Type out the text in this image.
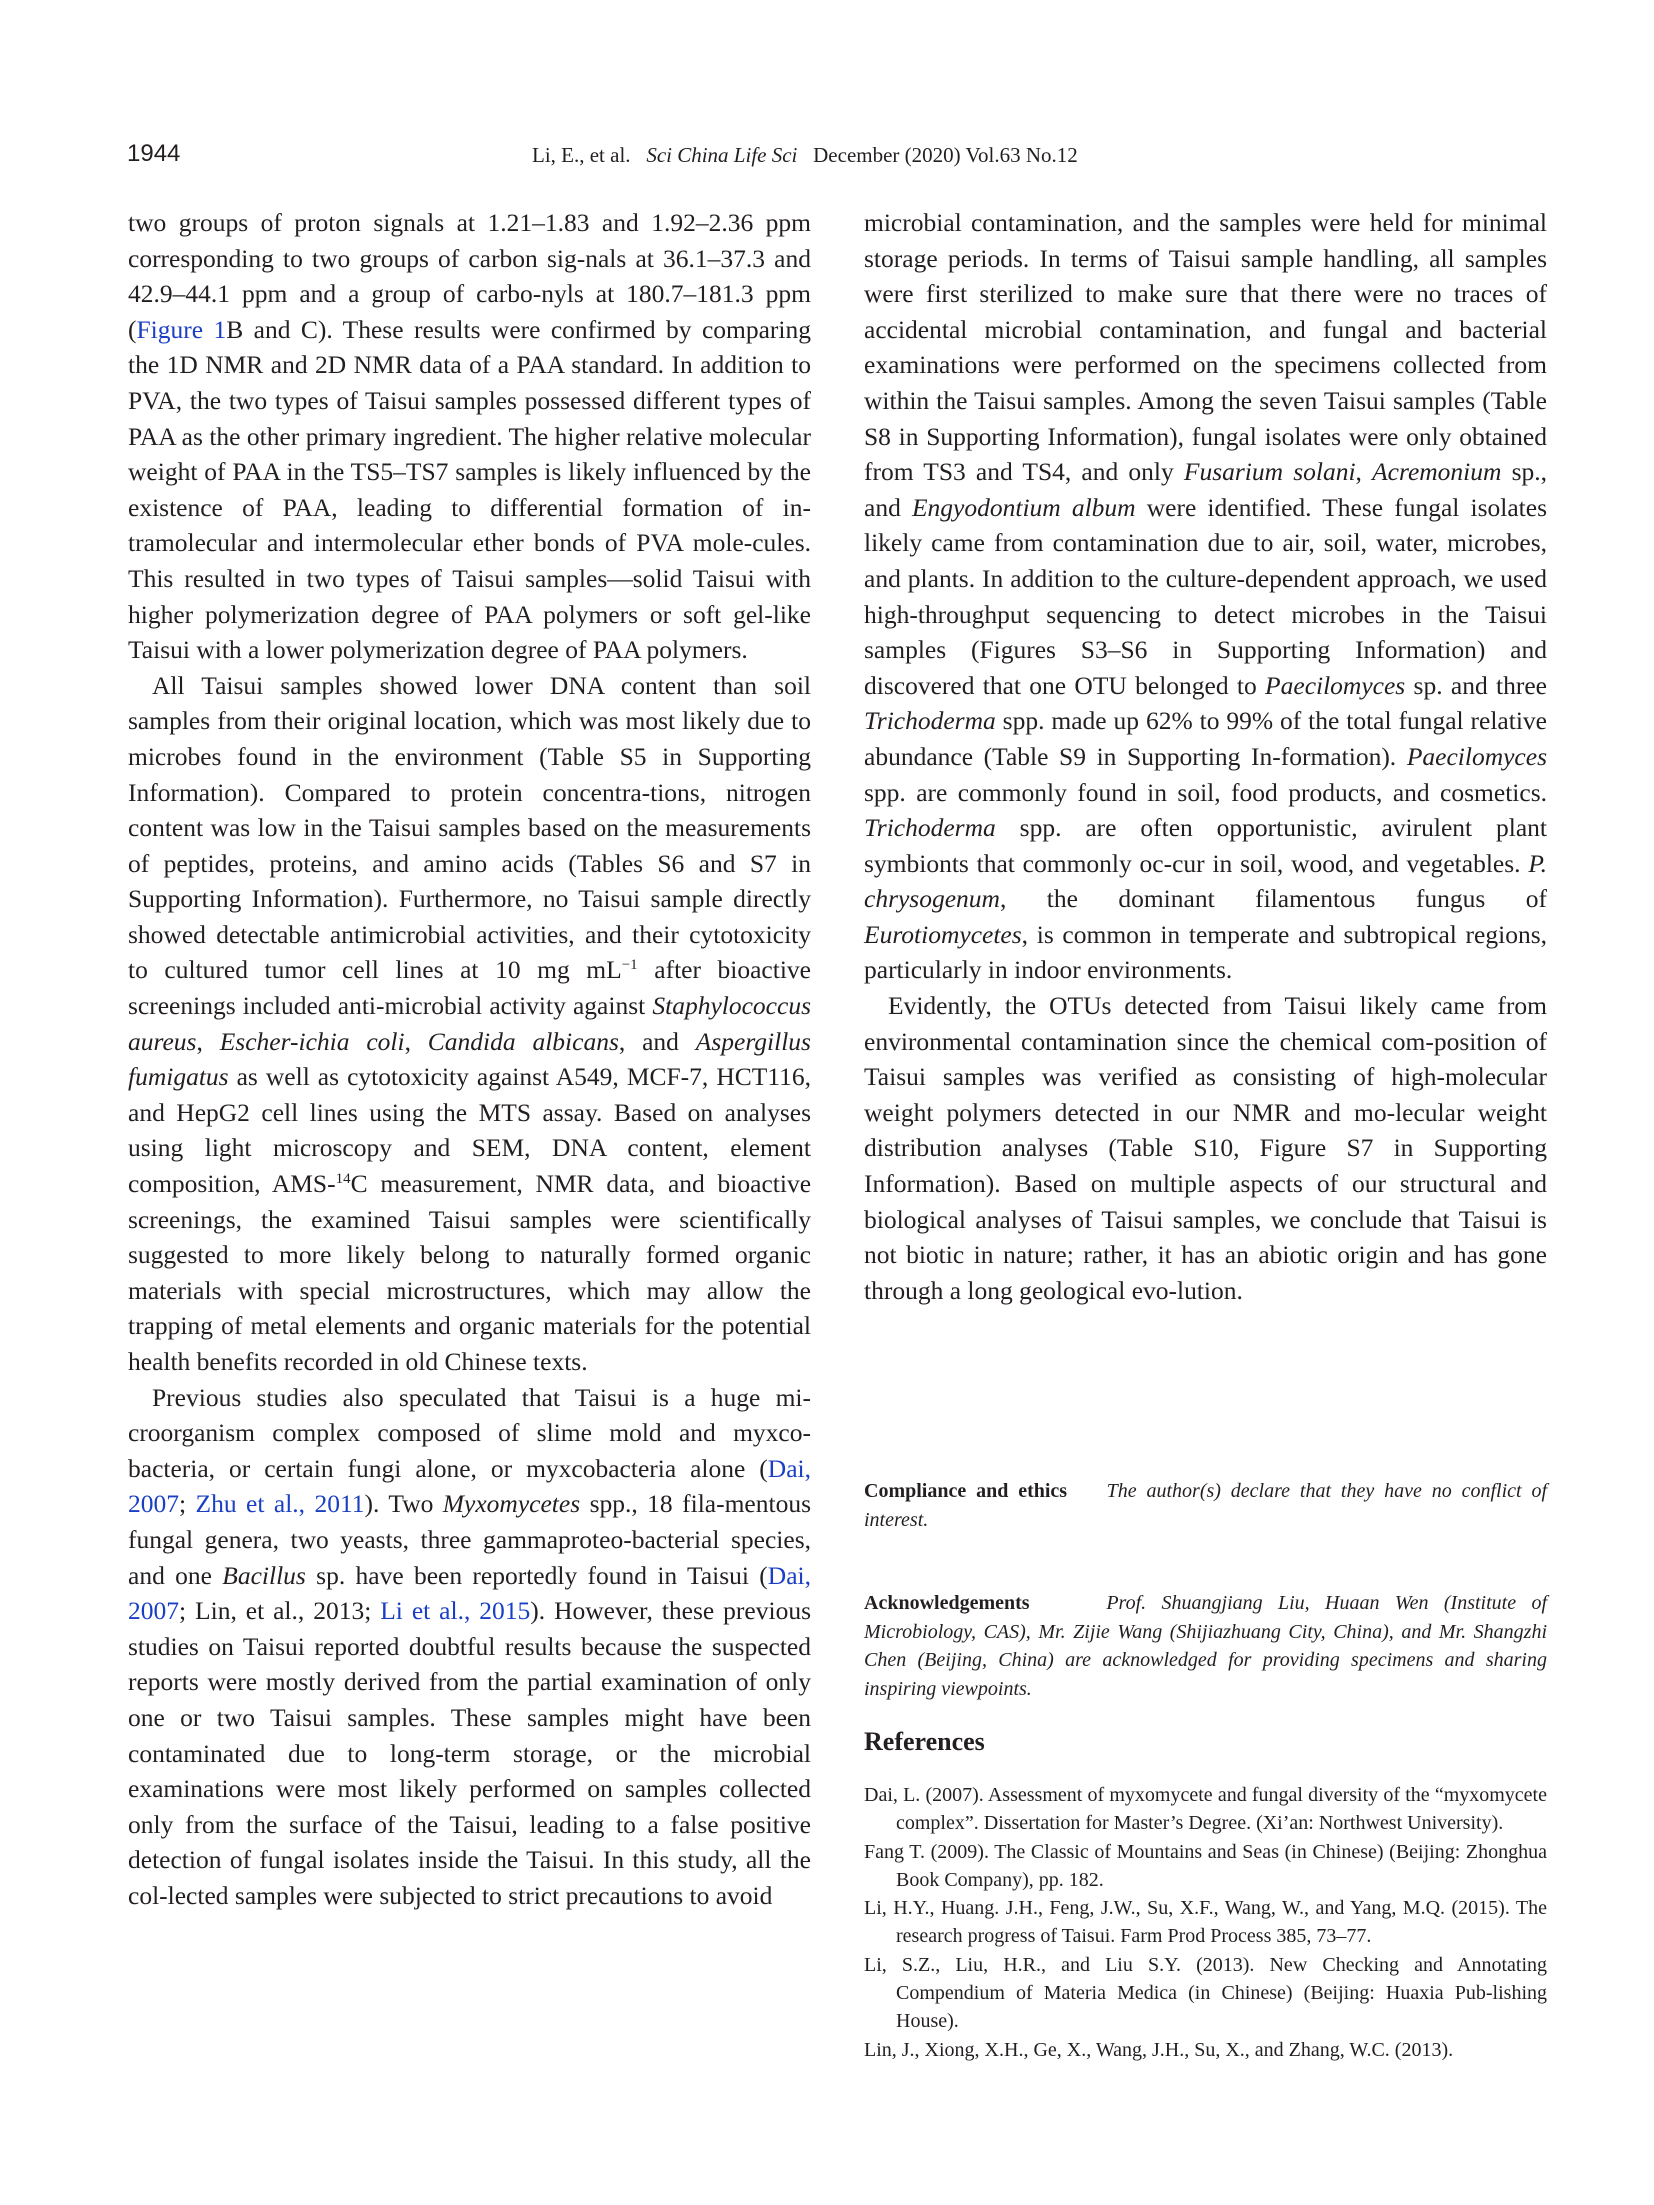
1944	Li, E., et al. Sci China Life Sci December (2020) Vol.63 No.12

two groups of proton signals at 1.21–1.83 and 1.92–2.36 ppm corresponding to two groups of carbon sig-nals at 36.1–37.3 and 42.9–44.1 ppm and a group of carbo-nyls at 180.7–181.3 ppm (Figure 1B and C). These results were confirmed by comparing the 1D NMR and 2D NMR data of a PAA standard. In addition to PVA, the two types of Taisui samples possessed different types of PAA as the other primary ingredient. The higher relative molecular weight of PAA in the TS5–TS7 samples is likely influenced by the existence of PAA, leading to differential formation of in-tramolecular and intermolecular ether bonds of PVA mole-cules. This resulted in two types of Taisui samples—solid Taisui with higher polymerization degree of PAA polymers or soft gel-like Taisui with a lower polymerization degree of PAA polymers.

All Taisui samples showed lower DNA content than soil samples from their original location, which was most likely due to microbes found in the environment (Table S5 in Supporting Information). Compared to protein concentra-tions, nitrogen content was low in the Taisui samples based on the measurements of peptides, proteins, and amino acids (Tables S6 and S7 in Supporting Information). Furthermore, no Taisui sample directly showed detectable antimicrobial activities, and their cytotoxicity to cultured tumor cell lines at 10 mg $mL^{-1}$ after bioactive screenings included anti-microbial activity against Staphylococcus aureus, Escher-ichia coli, Candida albicans, and Aspergillus fumigatus as well as cytotoxicity against A549, MCF-7, HCT116, and HepG2 cell lines using the MTS assay. Based on analyses using light microscopy and SEM, DNA content, element composition, AMS-$^{14}$C measurement, NMR data, and bioactive screenings, the examined Taisui samples were scientifically suggested to more likely belong to naturally formed organic materials with special microstructures, which may allow the trapping of metal elements and organic materials for the potential health benefits recorded in old Chinese texts.

Previous studies also speculated that Taisui is a huge mi-croorganism complex composed of slime mold and myxco-bacteria, or certain fungi alone, or myxcobacteria alone (Dai, 2007; Zhu et al., 2011). Two Myxomycetes spp., 18 fila-mentous fungal genera, two yeasts, three gammaproteo-bacterial species, and one Bacillus sp. have been reportedly found in Taisui (Dai, 2007; Lin, et al., 2013; Li et al., 2015). However, these previous studies on Taisui reported doubtful results because the suspected reports were mostly derived from the partial examination of only one or two Taisui samples. These samples might have been contaminated due to long-term storage, or the microbial examinations were most likely performed on samples collected only from the surface of the Taisui, leading to a false positive detection of fungal isolates inside the Taisui. In this study, all the col-lected samples were subjected to strict precautions to avoid

microbial contamination, and the samples were held for minimal storage periods. In terms of Taisui sample handling, all samples were first sterilized to make sure that there were no traces of accidental microbial contamination, and fungal and bacterial examinations were performed on the specimens collected from within the Taisui samples. Among the seven Taisui samples (Table S8 in Supporting Information), fungal isolates were only obtained from TS3 and TS4, and only Fusarium solani, Acremonium sp., and Engyodontium album were identified. These fungal isolates likely came from contamination due to air, soil, water, microbes, and plants. In addition to the culture-dependent approach, we used high-throughput sequencing to detect microbes in the Taisui samples (Figures S3–S6 in Supporting Information) and discovered that one OTU belonged to Paecilomyces sp. and three Trichoderma spp. made up 62% to 99% of the total fungal relative abundance (Table S9 in Supporting In-formation). Paecilomyces spp. are commonly found in soil, food products, and cosmetics. Trichoderma spp. are often opportunistic, avirulent plant symbionts that commonly oc-cur in soil, wood, and vegetables. P. chrysogenum, the dominant filamentous fungus of Eurotiomycetes, is common in temperate and subtropical regions, particularly in indoor environments.

Evidently, the OTUs detected from Taisui likely came from environmental contamination since the chemical com-position of Taisui samples was verified as consisting of high-molecular weight polymers detected in our NMR and mo-lecular weight distribution analyses (Table S10, Figure S7 in Supporting Information). Based on multiple aspects of our structural and biological analyses of Taisui samples, we conclude that Taisui is not biotic in nature; rather, it has an abiotic origin and has gone through a long geological evo-lution.

Compliance and ethics The author(s) declare that they have no conflict of interest.
Acknowledgements	Prof. Shuangjiang Liu, Huaan Wen (Institute of Microbiology, CAS), Mr. Zijie Wang (Shijiazhuang City, China), and Mr. Shangzhi Chen (Beijing, China) are acknowledged for providing specimens and sharing inspiring viewpoints.
References

Dai, L. (2007). Assessment of myxomycete and fungal diversity of the “myxomycete complex”. Dissertation for Master’s Degree. (Xi’an: Northwest University).

Fang T. (2009). The Classic of Mountains and Seas (in Chinese) (Beijing: Zhonghua Book Company), pp. 182.

Li, H.Y., Huang. J.H., Feng, J.W., Su, X.F., Wang, W., and Yang, M.Q. (2015). The research progress of Taisui. Farm Prod Process 385, 73–77.

Li, S.Z., Liu, H.R., and Liu S.Y. (2013). New Checking and Annotating Compendium of Materia Medica (in Chinese) (Beijing: Huaxia Pub-lishing House).

Lin, J., Xiong, X.H., Ge, X., Wang, J.H., Su, X., and Zhang, W.C. (2013).
